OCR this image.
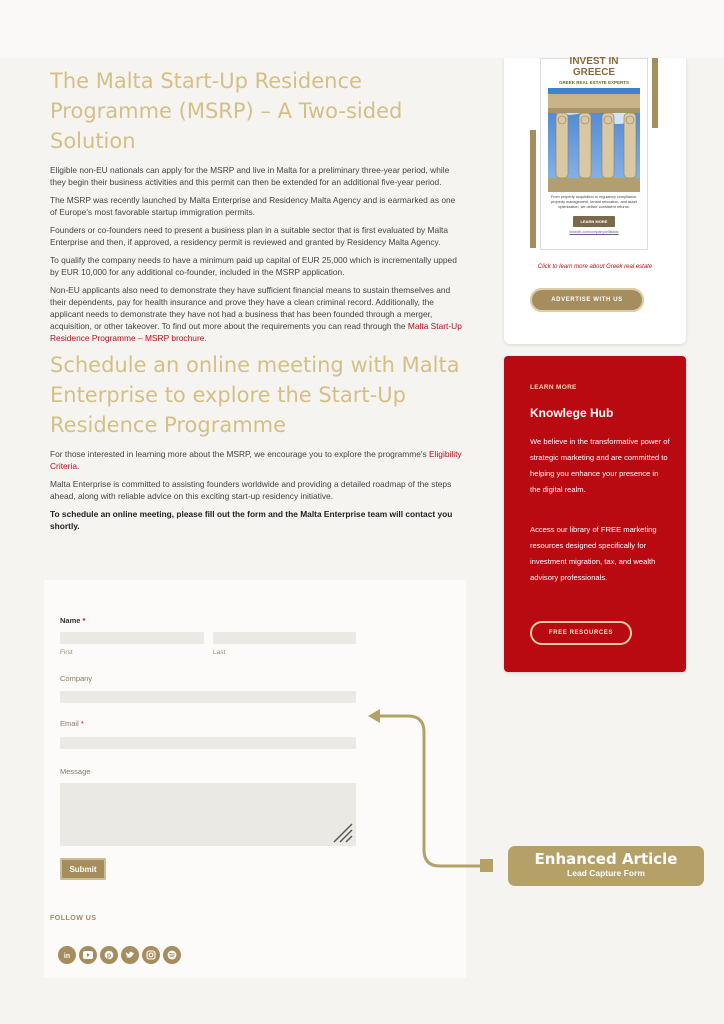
The Malta Start-Up Residence Programme (MSRP) – A Two-sided Solution

Eligible non-EU nationals can apply for the MSRP and live in Malta for a preliminary three-year period, while they begin their business activities and this permit can then be extended for an additional five-year period.

The MSRP was recently launched by Malta Enterprise and Residency Malta Agency and is earmarked as one of Europe's most favorable startup immigration permits.

Founders or co-founders need to present a business plan in a suitable sector that is first evaluated by Malta Enterprise and then, if approved, a residency permit is reviewed and granted by Residency Malta Agency.

To qualify the company needs to have a minimum paid up capital of EUR 25,000 which is incrementally upped by EUR 10,000 for any additional co-founder, included in the MSRP application.

Non-EU applicants also need to demonstrate they have sufficient financial means to sustain themselves and their dependents, pay for health insurance and prove they have a clean criminal record. Additionally, the applicant needs to demonstrate they have not had a business that has been founded through a merger, acquisition, or other takeover. To find out more about the requirements you can read through the Malta Start-Up Residence Programme – MSRP brochure.

Schedule an online meeting with Malta Enterprise to explore the Start-Up Residence Programme

For those interested in learning more about the MSRP, we encourage you to explore the programme's Eligibility Criteria.

Malta Enterprise is committed to assisting founders worldwide and providing a detailed roadmap of the steps ahead, along with reliable advice on this exciting start-up residency initiative.

To schedule an online meeting, please fill out the form and the Malta Enterprise team will contact you shortly.

Name *
First	Last
Company
Email *
Message
Submit
FOLLOW US
in	p
INVEST IN
GREECE
GREEK REAL ESTATE EXPERTS
From property acquisition to regulatory compliance, property management, tenant relocation, and asset optimization, we deliver consistent returns.
LEARN MORE
linkedin.com/company/kritikakis
Click to learn more about Greek real estate
ADVERTISE WITH US
LEARN MORE
Knowlege Hub
We believe in the transformative power of strategic marketing and are committed to helping you enhance your presence in the digital realm.
Access our library of FREE marketing resources designed specifically for investment migration, tax, and wealth advisory professionals.
FREE RESOURCES
Enhanced Article
Lead Capture Form
